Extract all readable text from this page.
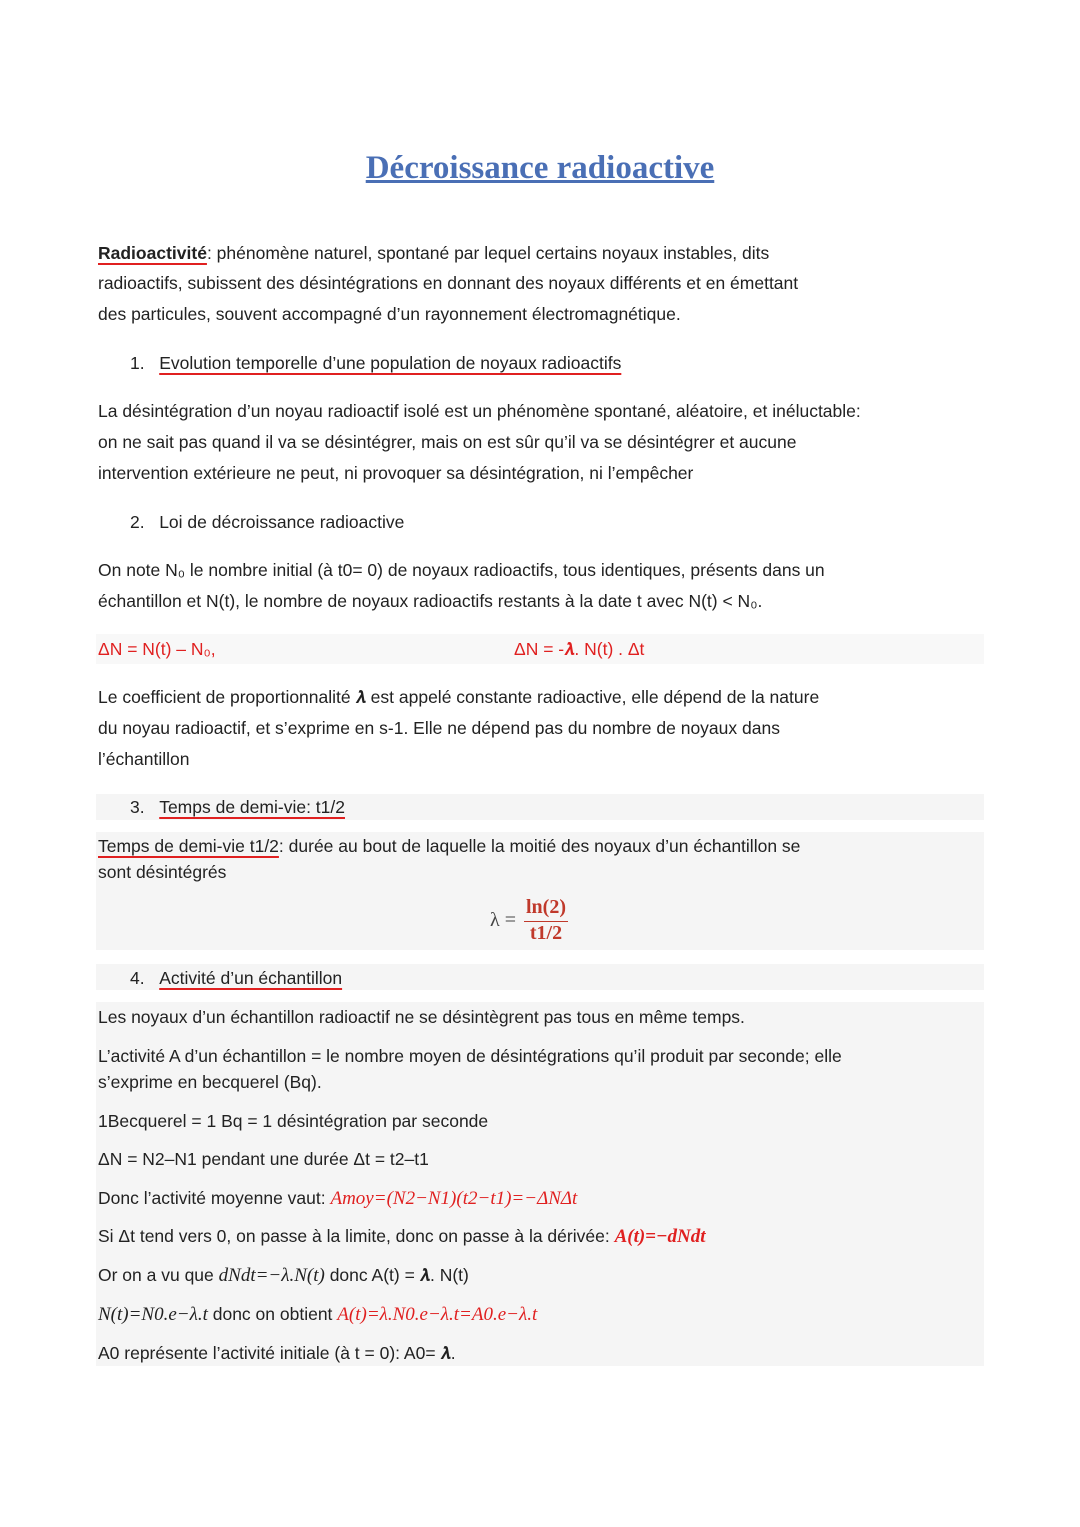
Décroissance radioactive
Radioactivité: phénomène naturel, spontané par lequel certains noyaux instables, dits
radioactifs, subissent des désintégrations en donnant des noyaux différents et en émettant
des particules, souvent accompagné d’un rayonnement électromagnétique.
1. Evolution temporelle d’une population de noyaux radioactifs
La désintégration d’un noyau radioactif isolé est un phénomène spontané, aléatoire, et inéluctable:
on ne sait pas quand il va se désintégrer, mais on est sûr qu’il va se désintégrer et aucune
intervention extérieure ne peut, ni provoquer sa désintégration, ni l’empêcher
2. Loi de décroissance radioactive
On note N₀ le nombre initial (à t0= 0) de noyaux radioactifs, tous identiques, présents dans un
échantillon et N(t), le nombre de noyaux radioactifs restants à la date t avec N(t) < N₀.
ΔN = N(t) – N₀,	ΔN = -𝝀. N(t) . Δt
Le coefficient de proportionnalité 𝝀 est appelé constante radioactive, elle dépend de la nature
du noyau radioactif, et s’exprime en s-1. Elle ne dépend pas du nombre de noyaux dans
l’échantillon
3. Temps de demi-vie: t1/2
Temps de demi-vie t1/2: durée au bout de laquelle la moitié des noyaux d’un échantillon se
sont désintégrés
$\lambda = \frac{\ln(2)}{t1/2}$
4. Activité d’un échantillon
Les noyaux d’un échantillon radioactif ne se désintègrent pas tous en même temps.
L’activité A d’un échantillon = le nombre moyen de désintégrations qu’il produit par seconde; elle
s’exprime en becquerel (Bq).
1Becquerel = 1 Bq = 1 désintégration par seconde
ΔN = N2–N1 pendant une durée Δt = t2–t1
Donc l’activité moyenne vaut: Amoy=(N2−N1)(t2−t1)=−ΔNΔt
Si Δt tend vers 0, on passe à la limite, donc on passe à la dérivée: A(t)=−dNdt
Or on a vu que dNdt=−λ.N(t) donc A(t) = 𝝀. N(t)
N(t)=N0.e−λ.t donc on obtient A(t)=λ.N0.e−λ.t=A0.e−λ.t
A0 représente l’activité initiale (à t = 0): A0= 𝝀.
